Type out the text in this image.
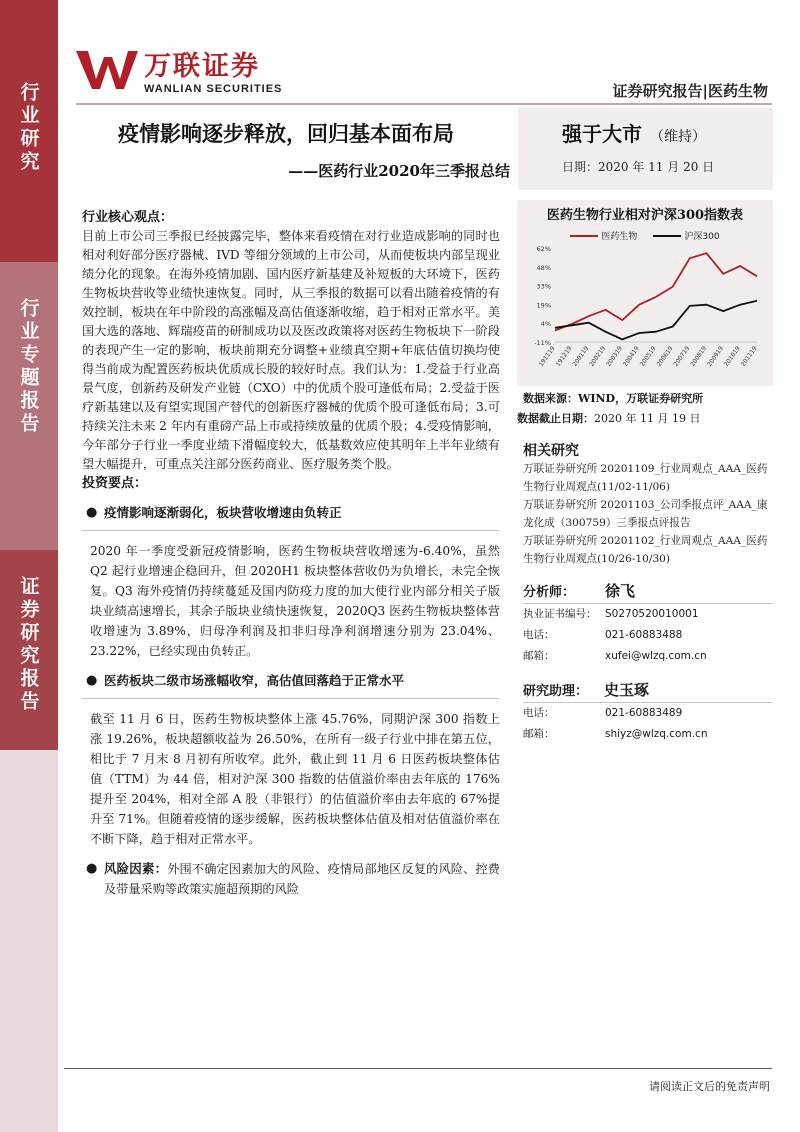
行业研究
行业专题报告
证券研究报告
万联证券
WANLIAN SECURITIES	证券研究报告|医药生物
疫情影响逐步释放，回归基本面布局
——医药行业2020年三季报总结
强于大市 （维持）
日期：2020 年 11 月 20 日
行业核心观点：
目前上市公司三季报已经披露完毕，整体来看疫情在对行业造成影响的同时也相对利好部分医疗器械、IVD 等细分领域的上市公司，从而使板块内部呈现业绩分化的现象。在海外疫情加剧、国内医疗新基建及补短板的大环境下，医药生物板块营收等业绩快速恢复。同时，从三季报的数据可以看出随着疫情的有效控制，板块在年中阶段的高涨幅及高估值逐渐收缩，趋于相对正常水平。美国大选的落地、辉瑞疫苗的研制成功以及医改政策将对医药生物板块下一阶段的表现产生一定的影响，板块前期充分调整+业绩真空期+年底估值切换均使得当前成为配置医药板块优质成长股的较好时点。我们认为：1.受益于行业高景气度，创新药及研发产业链（CXO）中的优质个股可逢低布局；2.受益于医疗新基建以及有望实现国产替代的创新医疗器械的优质个股可逢低布局；3.可持续关注未来 2 年内有重磅产品上市或持续放量的优质个股；4.受疫情影响，今年部分子行业一季度业绩下滑幅度较大，低基数效应使其明年上半年业绩有望大幅提升，可重点关注部分医药商业、医疗服务类个股。
投资要点：
● 疫情影响逐渐弱化，板块营收增速由负转正
2020 年一季度受新冠疫情影响，医药生物板块营收增速为-6.40%，虽然 Q2 起行业增速企稳回升，但 2020H1 板块整体营收仍为负增长，未完全恢复。Q3 海外疫情仍持续蔓延及国内防疫力度的加大使行业内部分相关子版块业绩高速增长，其余子版块业绩快速恢复，2020Q3 医药生物板块整体营收增速为 3.89%，归母净利润及扣非归母净利润增速分别为 23.04%、23.22%，已经实现由负转正。
● 医药板块二级市场涨幅收窄，高估值回落趋于正常水平
截至 11 月 6 日，医药生物板块整体上涨 45.76%，同期沪深 300 指数上涨 19.26%，板块超额收益为 26.50%，在所有一级子行业中排在第五位，相比于 7 月末 8 月初有所收窄。此外，截止到 11 月 6 日医药板块整体估值（TTM）为 44 倍，相对沪深 300 指数的估值溢价率由去年底的 176%提升至 204%，相对全部 A 股（非银行）的估值溢价率由去年底的 67%提升至 71%。但随着疫情的逐步缓解，医药板块整体估值及相对估值溢价率在不断下降，趋于相对正常水平。
● 风险因素：外围不确定因素加大的风险、疫情局部地区反复的风险、控费及带量采购等政策实施超预期的风险
医药生物行业相对沪深300指数表
医药生物	沪深300
62%
48%
33%
19%
4%
-11%
191119
191219
200119
200219
200319
200419
200519
200619
200719
200819
200919
201019
201119
数据来源：WIND，万联证券研究所
数据截止日期：2020 年 11 月 19 日
相关研究
万联证券研究所 20201109_行业周观点_AAA_医药生物行业周观点(11/02-11/06)
万联证券研究所 20201103_公司季报点评_AAA_康龙化成（300759）三季报点评报告
万联证券研究所 20201102_行业周观点_AAA_医药生物行业周观点(10/26-10/30)
分析师： 徐飞
执业证书编号： S0270520010001
电话：	021-60883488
邮箱：	xufei@wlzq.com.cn
研究助理： 史玉琢
电话：	021-60883489
邮箱：	shiyz@wlzq.com.cn
请阅读正文后的免责声明
